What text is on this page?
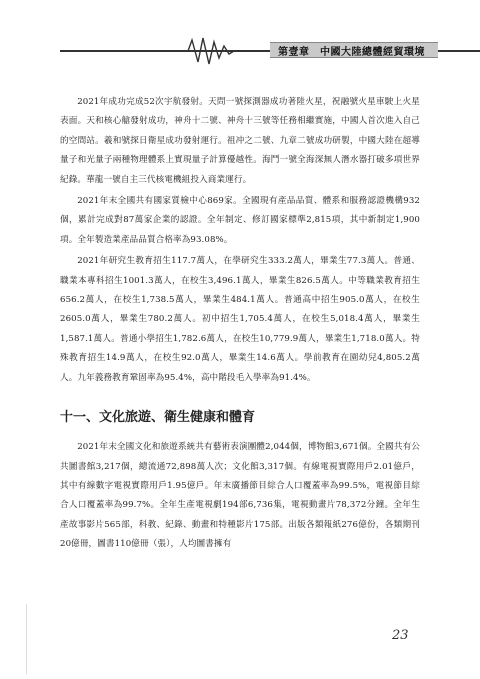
第壹章　中國大陸總體經貿環境

2021年成功完成52次宇航發射。天問一號探測器成功著陸火星，祝融號火星車駛上火星表面。天和核心艙發射成功，神舟十二號、神舟十三號等任務相繼實施，中國人首次進入自己的空間站。羲和號探日衛星成功發射運行。祖冲之二號、九章二號成功研製，中國大陸在超導量子和光量子兩種物理體系上實現量子計算優越性。海鬥一號全海深無人潛水器打破多項世界紀錄。華龍一號自主三代核電機組投入商業運行。

2021年末全國共有國家質檢中心869家。全國現有產品品質、體系和服務認證機構932個，累計完成對87萬家企業的認證。全年制定、修訂國家標準2,815項，其中新制定1,900項。全年製造業產品品質合格率為93.08%。

2021年研究生教育招生117.7萬人，在學研究生333.2萬人，畢業生77.3萬人。普通、職業本專科招生1001.3萬人，在校生3,496.1萬人，畢業生826.5萬人。中等職業教育招生656.2萬人，在校生1,738.5萬人，畢業生484.1萬人。普通高中招生905.0萬人，在校生2605.0萬人，畢業生780.2萬人。初中招生1,705.4萬人，在校生5,018.4萬人，畢業生1,587.1萬人。普通小學招生1,782.6萬人，在校生10,779.9萬人，畢業生1,718.0萬人。特殊教育招生14.9萬人，在校生92.0萬人，畢業生14.6萬人。學前教育在園幼兒4,805.2萬人。九年義務教育鞏固率為95.4%，高中階段毛入學率為91.4%。

十一、文化旅遊、衛生健康和體育

2021年末全國文化和旅遊系統共有藝術表演團體2,044個，博物館3,671個。全國共有公共圖書館3,217個，總流通72,898萬人次；文化館3,317個。有線電視實際用戶2.01億戶，其中有線數字電視實際用戶1.95億戶。年末廣播節目綜合人口覆蓋率為99.5%，電視節目綜合人口覆蓋率為99.7%。全年生產電視劇194部6,736集，電視動畫片78,372分鐘。全年生產故事影片565部，科教、紀錄、動畫和特種影片175部。出版各類報紙276億份，各類期刊20億冊，圖書110億冊（張），人均圖書擁有

23
